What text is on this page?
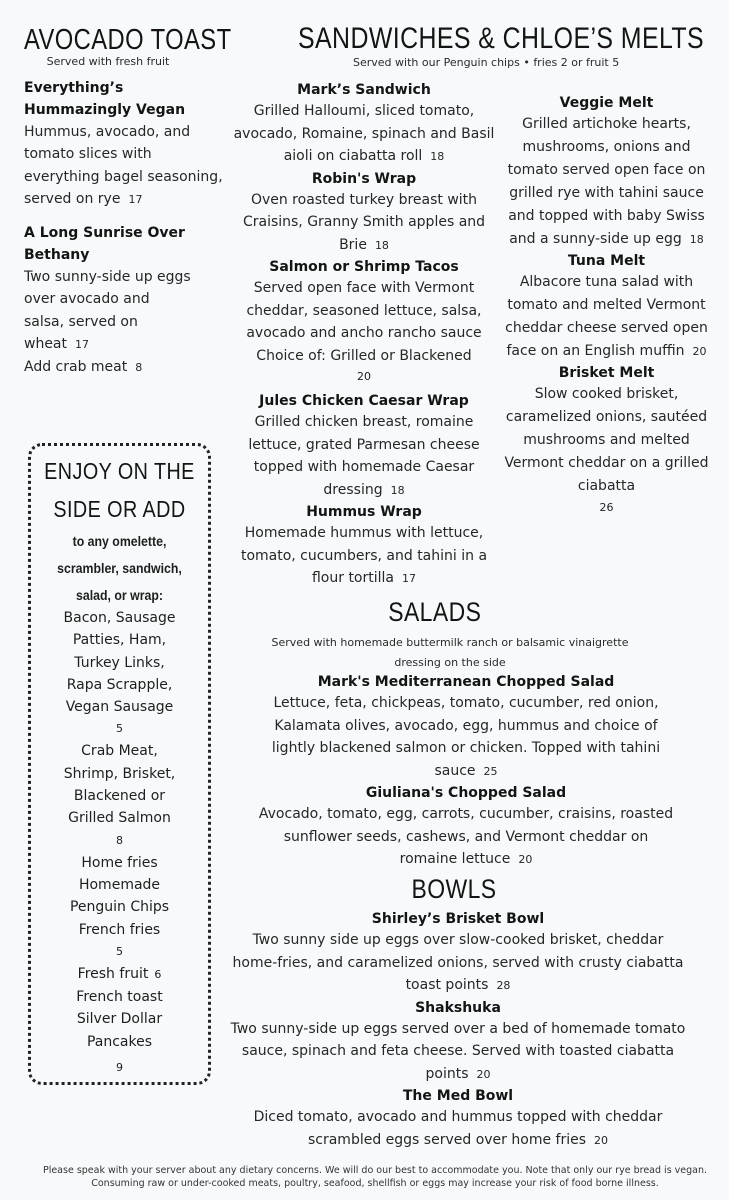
AVOCADO TOAST
Served with fresh fruit
Everything’s Hummazingly Vegan
Hummus, avocado, and tomato slices with everything bagel seasoning, served on rye 17
A Long Sunrise Over Bethany
Two sunny-side up eggs over avocado and salsa, served on wheat 17
Add crab meat 8
ENJOY ON THE
SIDE OR ADD
to any omelette,
scrambler, sandwich,
salad, or wrap:
Bacon, Sausage
Patties, Ham,
Turkey Links,
Rapa Scrapple,
Vegan Sausage
5
Crab Meat,
Shrimp, Brisket,
Blackened or
Grilled Salmon
8
Home fries
Homemade
Penguin Chips
French fries
5
Fresh fruit 6
French toast
Silver Dollar
Pancakes
9
SANDWICHES & CHLOE’S MELTS
Served with our Penguin chips • fries 2 or fruit 5
Mark’s Sandwich
Grilled Halloumi, sliced tomato, avocado, Romaine, spinach and Basil aioli on ciabatta roll 18
Robin's Wrap
Oven roasted turkey breast with Craisins, Granny Smith apples and Brie 18
Salmon or Shrimp Tacos
Served open face with Vermont cheddar, seasoned lettuce, salsa, avocado and ancho rancho sauce Choice of: Grilled or Blackened
20
Jules Chicken Caesar Wrap
Grilled chicken breast, romaine lettuce, grated Parmesan cheese topped with homemade Caesar dressing 18
Hummus Wrap
Homemade hummus with lettuce, tomato, cucumbers, and tahini in a flour tortilla 17
Veggie Melt
Grilled artichoke hearts, mushrooms, onions and tomato served open face on grilled rye with tahini sauce and topped with baby Swiss and a sunny-side up egg 18
Tuna Melt
Albacore tuna salad with tomato and melted Vermont cheddar cheese served open face on an English muffin 20
Brisket Melt
Slow cooked brisket, caramelized onions, sautéed mushrooms and melted Vermont cheddar on a grilled ciabatta
26
SALADS
Served with homemade buttermilk ranch or balsamic vinaigrette dressing on the side
Mark's Mediterranean Chopped Salad
Lettuce, feta, chickpeas, tomato, cucumber, red onion, Kalamata olives, avocado, egg, hummus and choice of lightly blackened salmon or chicken. Topped with tahini sauce 25
Giuliana's Chopped Salad
Avocado, tomato, egg, carrots, cucumber, craisins, roasted sunflower seeds, cashews, and Vermont cheddar on romaine lettuce 20
BOWLS
Shirley’s Brisket Bowl
Two sunny side up eggs over slow-cooked brisket, cheddar home-fries, and caramelized onions, served with crusty ciabatta toast points 28
Shakshuka
Two sunny-side up eggs served over a bed of homemade tomato sauce, spinach and feta cheese. Served with toasted ciabatta points 20
The Med Bowl
Diced tomato, avocado and hummus topped with cheddar scrambled eggs served over home fries 20
Please speak with your server about any dietary concerns. We will do our best to accommodate you. Note that only our rye bread is vegan.
Consuming raw or under-cooked meats, poultry, seafood, shellfish or eggs may increase your risk of food borne illness.
